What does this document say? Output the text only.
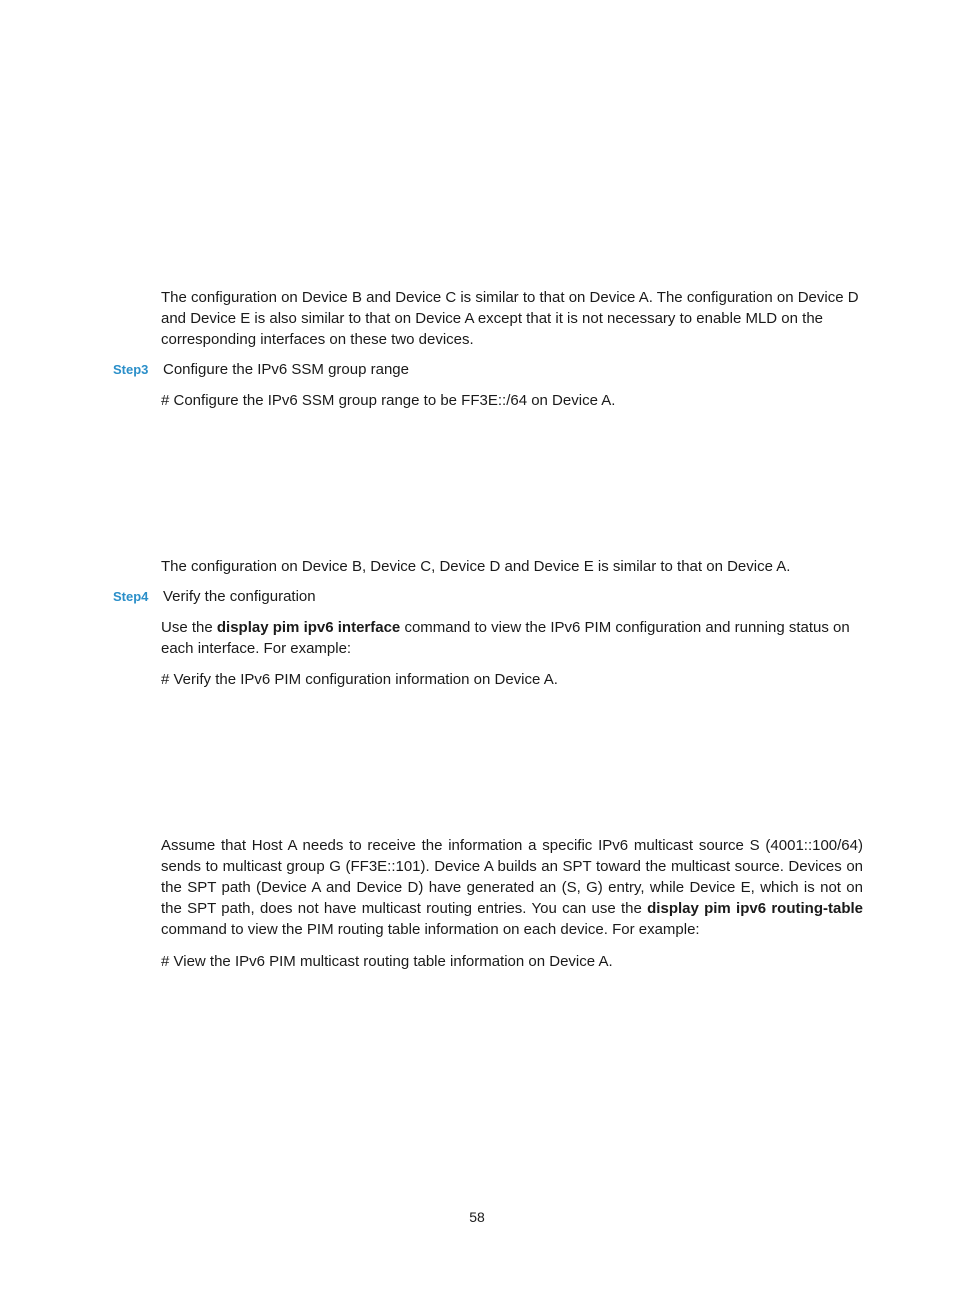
The configuration on Device B and Device C is similar to that on Device A. The configuration on Device D and Device E is also similar to that on Device A except that it is not necessary to enable MLD on the corresponding interfaces on these two devices.

Step3 Configure the IPv6 SSM group range

# Configure the IPv6 SSM group range to be FF3E::/64 on Device A.

The configuration on Device B, Device C, Device D and Device E is similar to that on Device A.

Step4 Verify the configuration

Use the display pim ipv6 interface command to view the IPv6 PIM configuration and running status on each interface. For example:

# Verify the IPv6 PIM configuration information on Device A.

Assume that Host A needs to receive the information a specific IPv6 multicast source S (4001::100/64) sends to multicast group G (FF3E::101). Device A builds an SPT toward the multicast source. Devices on the SPT path (Device A and Device D) have generated an (S, G) entry, while Device E, which is not on the SPT path, does not have multicast routing entries. You can use the display pim ipv6 routing-table command to view the PIM routing table information on each device. For example:

# View the IPv6 PIM multicast routing table information on Device A.

58
